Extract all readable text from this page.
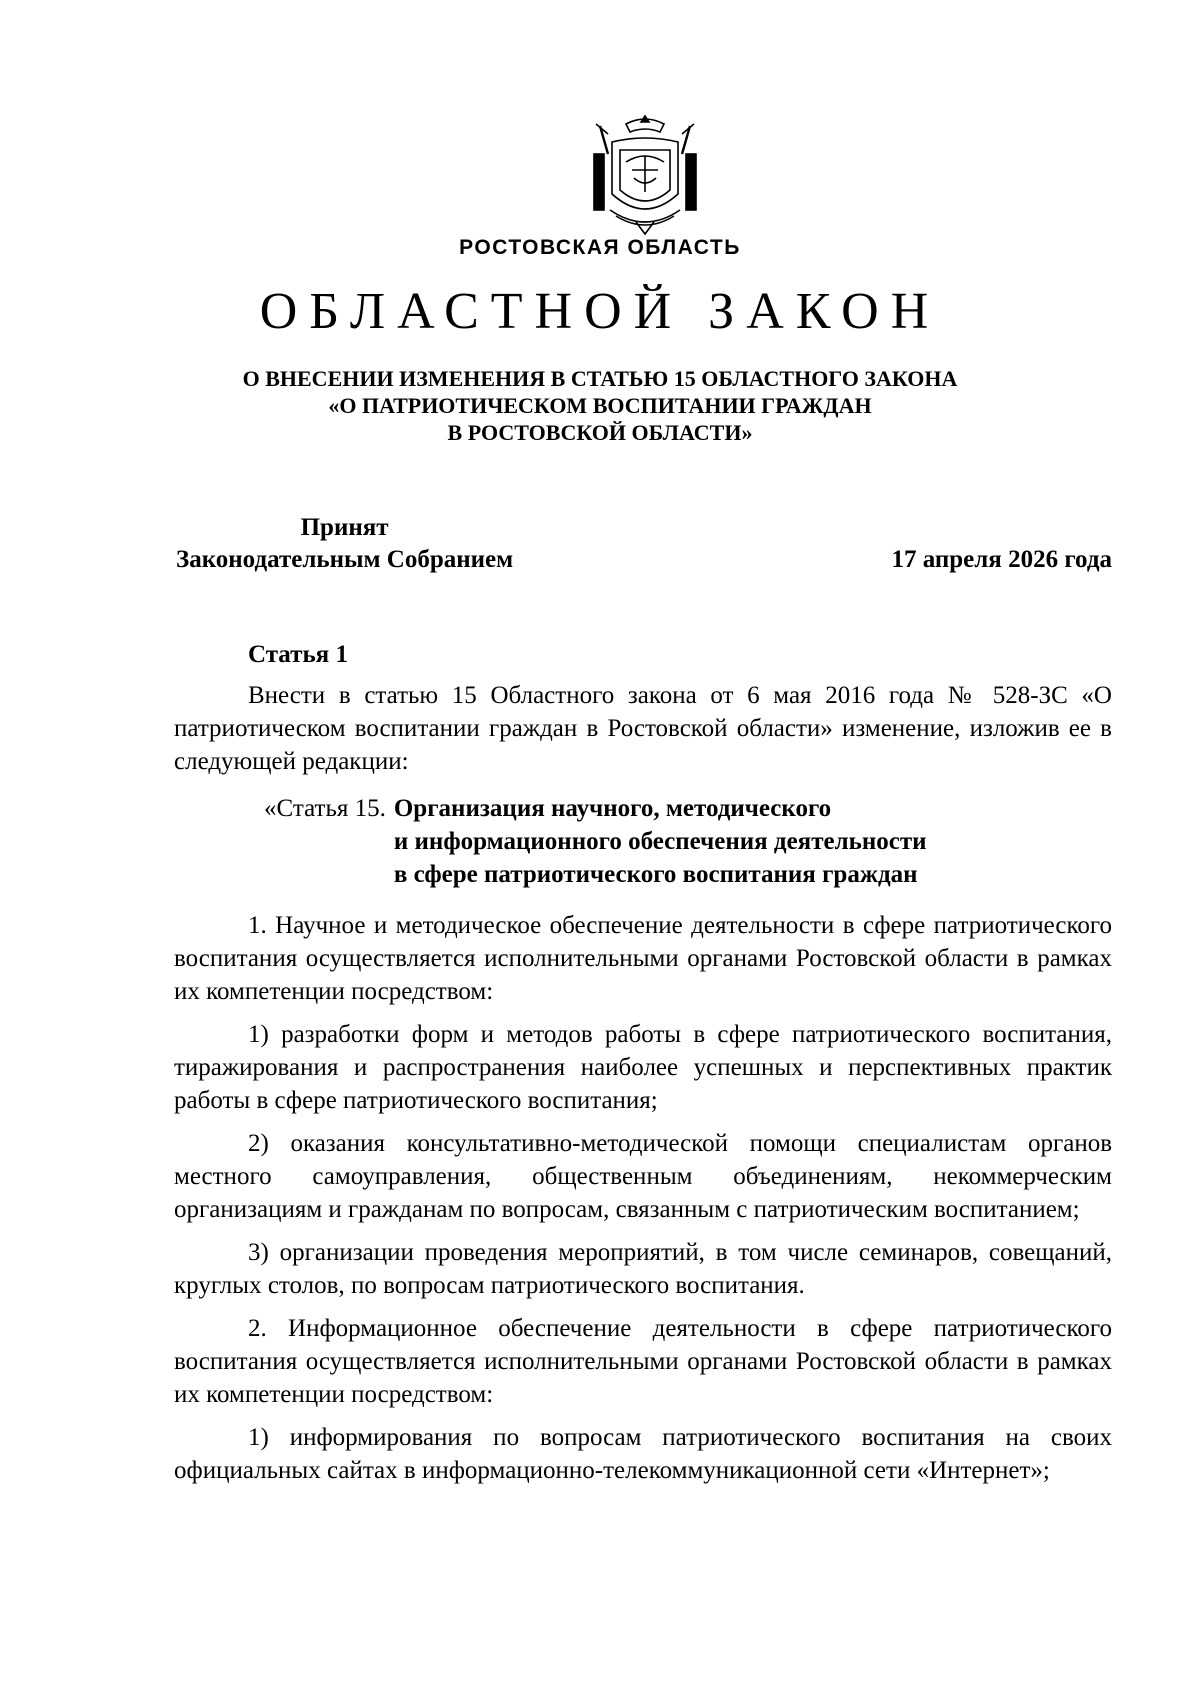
РОСТОВСКАЯ ОБЛАСТЬ
ОБЛАСТНОЙ ЗАКОН
О ВНЕСЕНИИ ИЗМЕНЕНИЯ В СТАТЬЮ 15 ОБЛАСТНОГО ЗАКОНА
«О ПАТРИОТИЧЕСКОМ ВОСПИТАНИИ ГРАЖДАН
В РОСТОВСКОЙ ОБЛАСТИ»
Принят
Законодательным Собранием	17 апреля 2026 года
Статья 1

Внести в статью 15 Областного закона от 6 мая 2016 года № 528-ЗС «О патриотическом воспитании граждан в Ростовской области» изменение, изложив ее в следующей редакции:

«Статья 15. Организация научного, методического
и информационного обеспечения деятельности
в сфере патриотического воспитания граждан

1. Научное и методическое обеспечение деятельности в сфере патриотического воспитания осуществляется исполнительными органами Ростовской области в рамках их компетенции посредством:

1) разработки форм и методов работы в сфере патриотического воспитания, тиражирования и распространения наиболее успешных и перспективных практик работы в сфере патриотического воспитания;

2) оказания консультативно-методической помощи специалистам органов местного самоуправления, общественным объединениям, некоммерческим организациям и гражданам по вопросам, связанным с патриотическим воспитанием;

3) организации проведения мероприятий, в том числе семинаров, совещаний, круглых столов, по вопросам патриотического воспитания.

2. Информационное обеспечение деятельности в сфере патриотического воспитания осуществляется исполнительными органами Ростовской области в рамках их компетенции посредством:

1) информирования по вопросам патриотического воспитания на своих официальных сайтах в информационно-телекоммуникационной сети «Интернет»;
